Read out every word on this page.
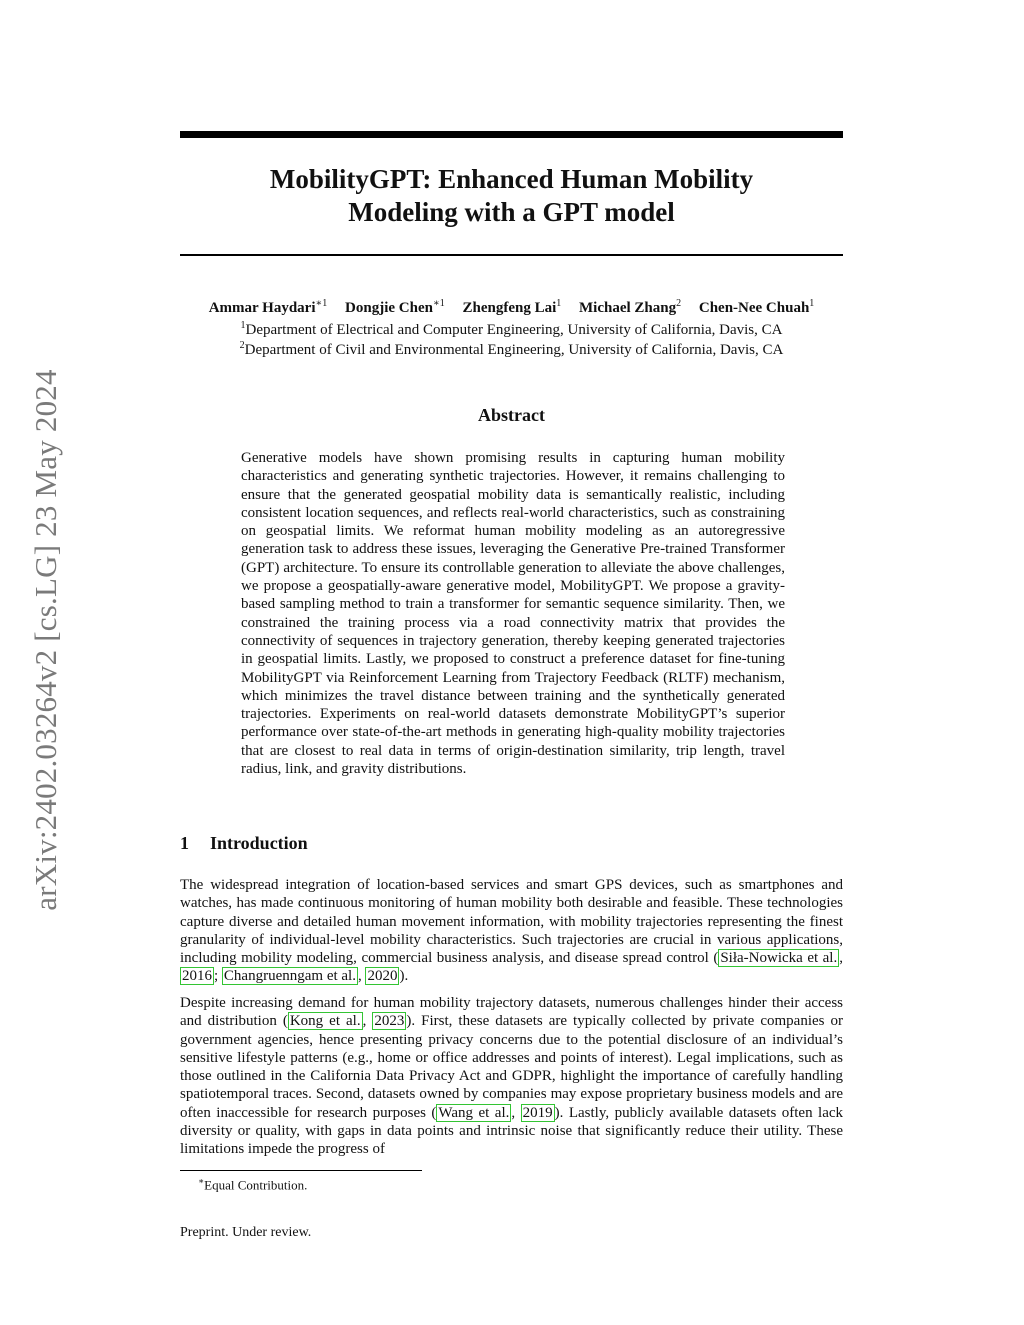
arXiv:2402.03264v2 [cs.LG] 23 May 2024
MobilityGPT: Enhanced Human Mobility
Modeling with a GPT model
Ammar Haydari$^{∗1}$ Dongjie Chen$^{∗1}$ Zhengfeng Lai$^1$ Michael Zhang$^2$ Chen-Nee Chuah$^1$
$^1$Department of Electrical and Computer Engineering, University of California, Davis, CA
$^2$Department of Civil and Environmental Engineering, University of California, Davis, CA
Abstract
Generative models have shown promising results in capturing human mobility characteristics and generating synthetic trajectories. However, it remains challenging to ensure that the generated geospatial mobility data is semantically realistic, including consistent location sequences, and reflects real-world characteristics, such as constraining on geospatial limits. We reformat human mobility modeling as an autoregressive generation task to address these issues, leveraging the Generative Pre-trained Transformer (GPT) architecture. To ensure its controllable generation to alleviate the above challenges, we propose a geospatially-aware generative model, MobilityGPT. We propose a gravity-based sampling method to train a transformer for semantic sequence similarity. Then, we constrained the training process via a road connectivity matrix that provides the connectivity of sequences in trajectory generation, thereby keeping generated trajectories in geospatial limits. Lastly, we proposed to construct a preference dataset for fine-tuning MobilityGPT via Reinforcement Learning from Trajectory Feedback (RLTF) mechanism, which minimizes the travel distance between training and the synthetically generated trajectories. Experiments on real-world datasets demonstrate MobilityGPT’s superior performance over state-of-the-art methods in generating high-quality mobility trajectories that are closest to real data in terms of origin-destination similarity, trip length, travel radius, link, and gravity distributions.
1 Introduction

The widespread integration of location-based services and smart GPS devices, such as smartphones and watches, has made continuous monitoring of human mobility both desirable and feasible. These technologies capture diverse and detailed human movement information, with mobility trajectories representing the finest granularity of individual-level mobility characteristics. Such trajectories are crucial in various applications, including mobility modeling, commercial business analysis, and disease spread control ( Siła-Nowicka et al. , 2016 ; Changruenngam et al. , 2020 ).

Despite increasing demand for human mobility trajectory datasets, numerous challenges hinder their access and distribution ( Kong et al. , 2023 ). First, these datasets are typically collected by private companies or government agencies, hence presenting privacy concerns due to the potential disclosure of an individual’s sensitive lifestyle patterns (e.g., home or office addresses and points of interest). Legal implications, such as those outlined in the California Data Privacy Act and GDPR, highlight the importance of carefully handling spatiotemporal traces. Second, datasets owned by companies may expose proprietary business models and are often inaccessible for research purposes ( Wang et al. , 2019 ). Lastly, publicly available datasets often lack diversity or quality, with gaps in data points and intrinsic noise that significantly reduce their utility. These limitations impede the progress of

∗Equal Contribution.
Preprint. Under review.
